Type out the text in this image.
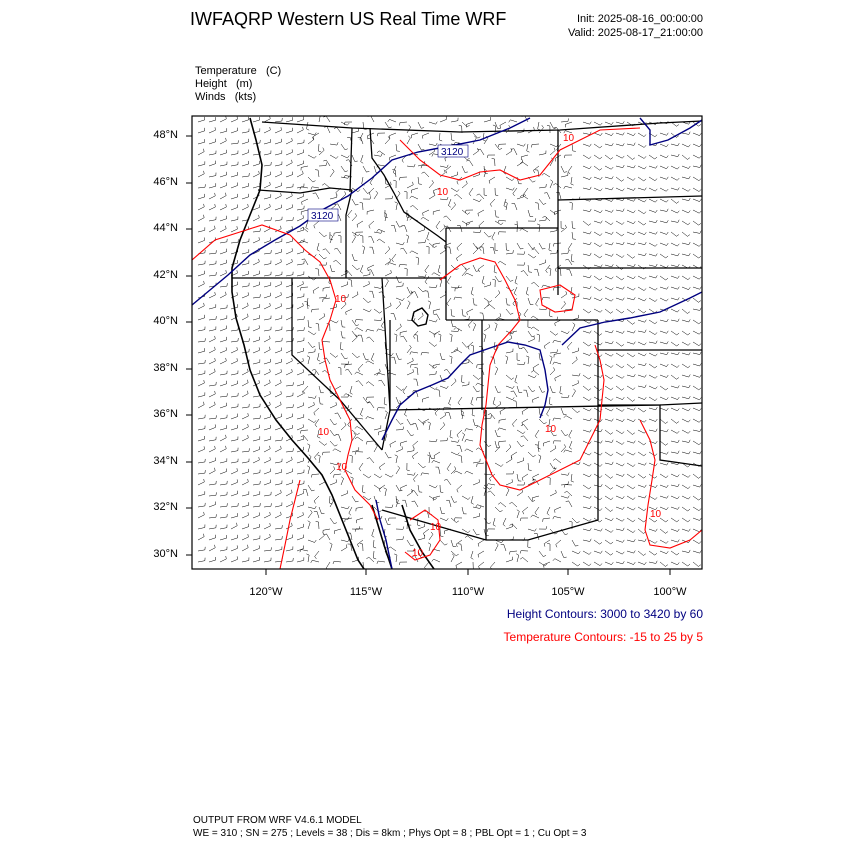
IWFAQRP Western US Real Time WRF	Init: 2025-08-16_00:00:00
Valid: 2025-08-17_21:00:00
Temperature (C)
Height (m)
Winds (kts)
3120
3120
10
10
10
10
10
10
10
10
10
48°N
46°N
44°N
42°N
40°N
38°N
36°N
34°N
32°N
30°N
120°W	115°W	110°W	105°W	100°W
Height Contours: 3000 to 3420 by 60
Temperature Contours: -15 to 25 by 5
OUTPUT FROM WRF V4.6.1 MODEL
WE = 310 ; SN = 275 ; Levels = 38 ; Dis = 8km ; Phys Opt = 8 ; PBL Opt = 1 ; Cu Opt = 3
